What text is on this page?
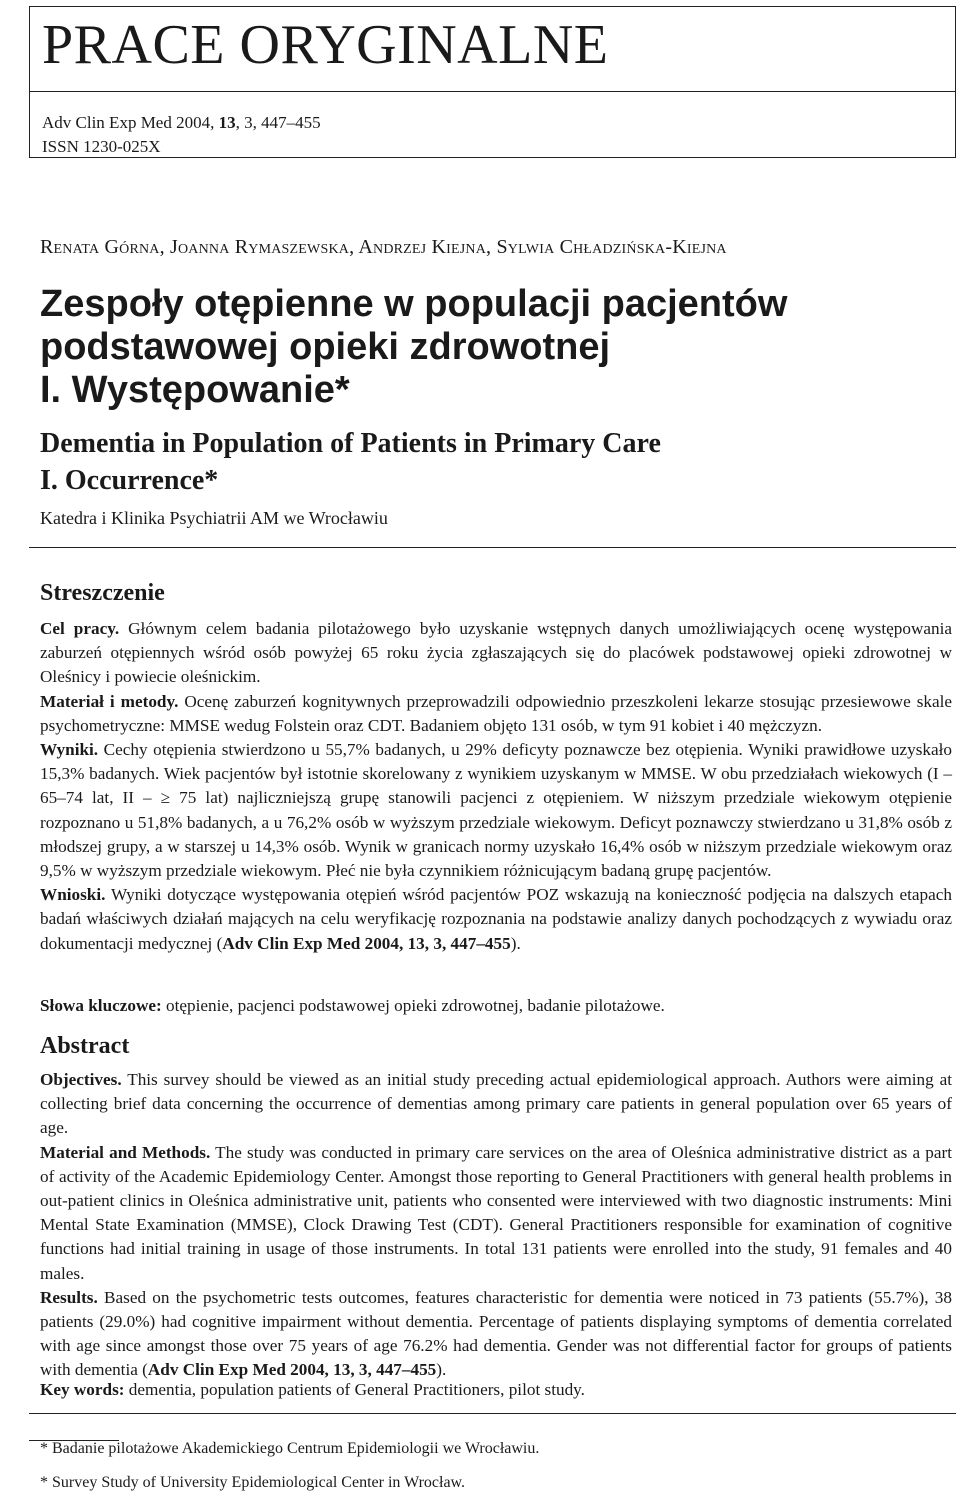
PRACE ORYGINALNE
Adv Clin Exp Med 2004, 13, 3, 447–455
ISSN 1230-025X
Renata Górna, Joanna Rymaszewska, Andrzej Kiejna, Sylwia Chładzińska-Kiejna
Zespoły otępienne w populacji pacjentów
podstawowej opieki zdrowotnej
I. Występowanie*
Dementia in Population of Patients in Primary Care
I. Occurrence*
Katedra i Klinika Psychiatrii AM we Wrocławiu
Streszczenie

Cel pracy. Głównym celem badania pilotażowego było uzyskanie wstępnych danych umożliwiających ocenę występowania zaburzeń otępiennych wśród osób powyżej 65 roku życia zgłaszających się do placówek podstawowej opieki zdrowotnej w Oleśnicy i powiecie oleśnickim.

Materiał i metody. Ocenę zaburzeń kognitywnych przeprowadzili odpowiednio przeszkoleni lekarze stosując przesiewowe skale psychometryczne: MMSE wedug Folstein oraz CDT. Badaniem objęto 131 osób, w tym 91 kobiet i 40 mężczyzn.

Wyniki. Cechy otępienia stwierdzono u 55,7% badanych, u 29% deficyty poznawcze bez otępienia. Wyniki prawidłowe uzyskało 15,3% badanych. Wiek pacjentów był istotnie skorelowany z wynikiem uzyskanym w MMSE. W obu przedziałach wiekowych (I – 65–74 lat, II – ≥ 75 lat) najliczniejszą grupę stanowili pacjenci z otępieniem. W niższym przedziale wiekowym otępienie rozpoznano u 51,8% badanych, a u 76,2% osób w wyższym przedziale wiekowym. Deficyt poznawczy stwierdzano u 31,8% osób z młodszej grupy, a w starszej u 14,3% osób. Wynik w granicach normy uzyskało 16,4% osób w niższym przedziale wiekowym oraz 9,5% w wyższym przedziale wiekowym. Płeć nie była czynnikiem różnicującym badaną grupę pacjentów.

Wnioski. Wyniki dotyczące występowania otępień wśród pacjentów POZ wskazują na konieczność podjęcia na dalszych etapach badań właściwych działań mających na celu weryfikację rozpoznania na podstawie analizy danych pochodzących z wywiadu oraz dokumentacji medycznej (Adv Clin Exp Med 2004, 13, 3, 447–455).

Słowa kluczowe: otępienie, pacjenci podstawowej opieki zdrowotnej, badanie pilotażowe.

Abstract

Objectives. This survey should be viewed as an initial study preceding actual epidemiological approach. Authors were aiming at collecting brief data concerning the occurrence of dementias among primary care patients in general population over 65 years of age.

Material and Methods. The study was conducted in primary care services on the area of Oleśnica administrative district as a part of activity of the Academic Epidemiology Center. Amongst those reporting to General Practitioners with general health problems in out-patient clinics in Oleśnica administrative unit, patients who consented were interviewed with two diagnostic instruments: Mini Mental State Examination (MMSE), Clock Drawing Test (CDT). General Practitioners responsible for examination of cognitive functions had initial training in usage of those instruments. In total 131 patients were enrolled into the study, 91 females and 40 males.

Results. Based on the psychometric tests outcomes, features characteristic for dementia were noticed in 73 patients (55.7%), 38 patients (29.0%) had cognitive impairment without dementia. Percentage of patients displaying symptoms of dementia correlated with age since amongst those over 75 years of age 76.2% had dementia. Gender was not differential factor for groups of patients with dementia (Adv Clin Exp Med 2004, 13, 3, 447–455).

Key words: dementia, population patients of General Practitioners, pilot study.

* Badanie pilotażowe Akademickiego Centrum Epidemiologii we Wrocławiu.
* Survey Study of University Epidemiological Center in Wrocław.
